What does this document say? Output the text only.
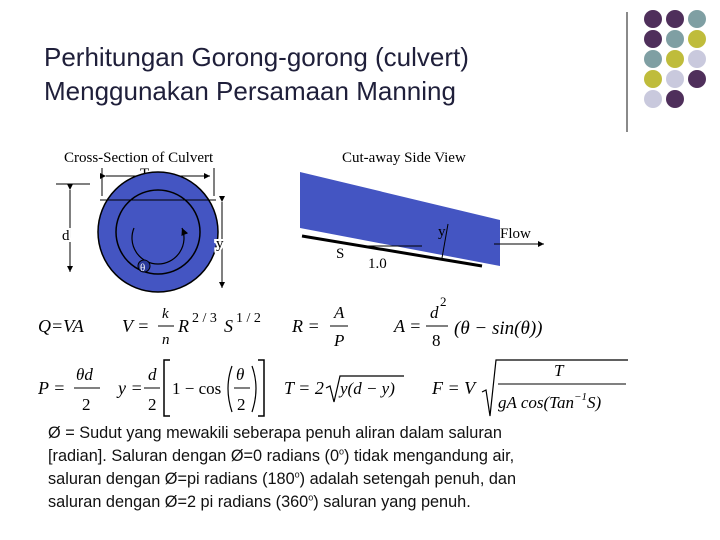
Perhitungan Gorong-gorong (culvert)
Menggunakan Persamaan Manning
Cross-Section of Culvert
d
θ
y
Cut-away Side View
y
S
1.0
Flow
Q=VA V =
k
n
R 2 / 3 S 1 / 2 R =
A
P
A =
d
2
8
(θ − sin(θ))
P =
θd
2
y =
d
2
1 − cos
θ
2
T = 2 y(d − y) F = V
T
gA cos(Tan$^{-1}$S)
Ø = Sudut yang mewakili seberapa penuh aliran dalam saluran
[radian]. Saluran dengan Ø=0 radians (0$^o$) tidak mengandung air,
saluran dengan Ø=pi radians (180$^o$) adalah setengah penuh, dan
saluran dengan Ø=2 pi radians (360$^o$) saluran yang penuh.
